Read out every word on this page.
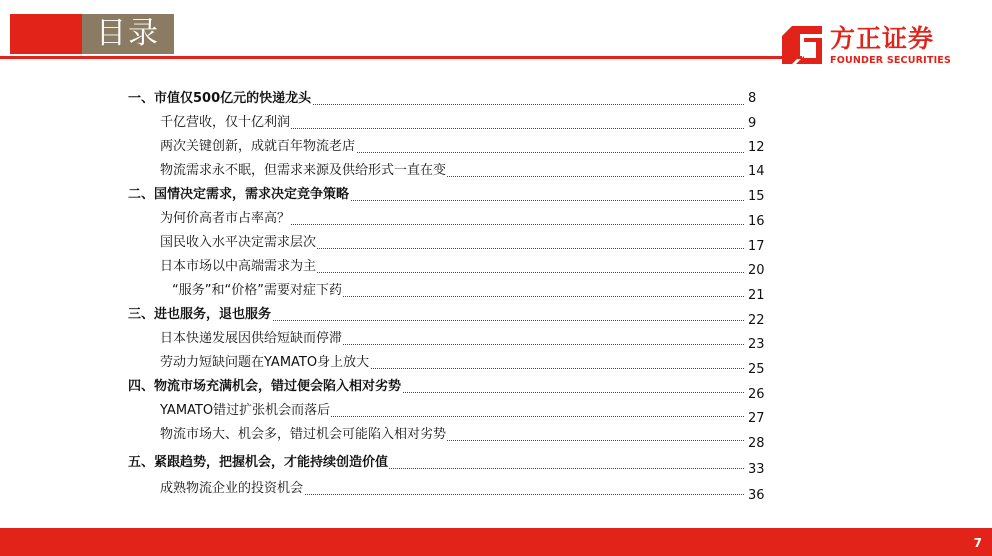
目录	方正证券
FOUNDER SECURITIES
一、市值仅500亿元的快递龙头
千亿营收，仅十亿利润
两次关键创新，成就百年物流老店
物流需求永不眠，但需求来源及供给形式一直在变
二、国情决定需求，需求决定竞争策略
为何价高者市占率高？
国民收入水平决定需求层次
日本市场以中高端需求为主
“服务”和“价格”需要对症下药
三、进也服务，退也服务
日本快递发展因供给短缺而停滞
劳动力短缺问题在YAMATO身上放大
四、物流市场充满机会，错过便会陷入相对劣势
YAMATO错过扩张机会而落后
物流市场大、机会多，错过机会可能陷入相对劣势
五、紧跟趋势，把握机会，才能持续创造价值
成熟物流企业的投资机会
8
9
12
14
15
16
17
20
21
22
23
25
26
27
28
33
36
7
